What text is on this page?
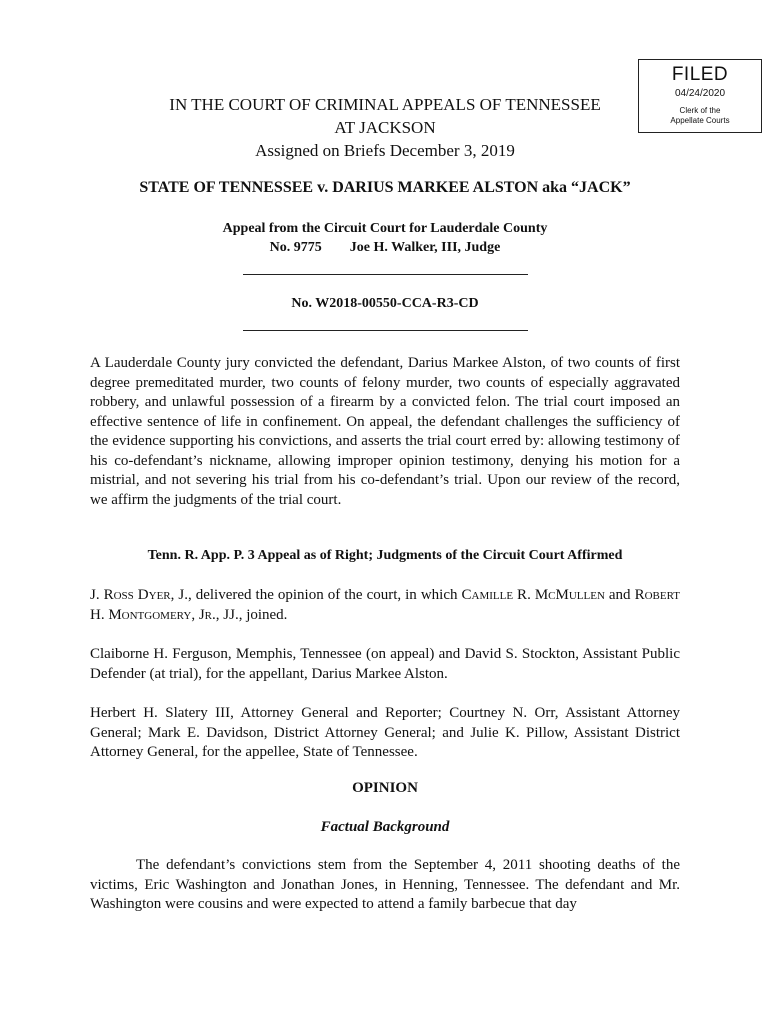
FILED
04/24/2020
Clerk of the
Appellate Courts
IN THE COURT OF CRIMINAL APPEALS OF TENNESSEE
AT JACKSON
Assigned on Briefs December 3, 2019
STATE OF TENNESSEE v. DARIUS MARKEE ALSTON aka “JACK”
Appeal from the Circuit Court for Lauderdale County
No. 9775        Joe H. Walker, III, Judge
No. W2018-00550-CCA-R3-CD
A Lauderdale County jury convicted the defendant, Darius Markee Alston, of two counts of first degree premeditated murder, two counts of felony murder, two counts of especially aggravated robbery, and unlawful possession of a firearm by a convicted felon. The trial court imposed an effective sentence of life in confinement. On appeal, the defendant challenges the sufficiency of the evidence supporting his convictions, and asserts the trial court erred by: allowing testimony of his co-defendant’s nickname, allowing improper opinion testimony, denying his motion for a mistrial, and not severing his trial from his co-defendant’s trial. Upon our review of the record, we affirm the judgments of the trial court.
Tenn. R. App. P. 3 Appeal as of Right; Judgments of the Circuit Court Affirmed
J. Ross Dyer, J., delivered the opinion of the court, in which Camille R. McMullen and Robert H. Montgomery, Jr., JJ., joined.
Claiborne H. Ferguson, Memphis, Tennessee (on appeal) and David S. Stockton, Assistant Public Defender (at trial), for the appellant, Darius Markee Alston.
Herbert H. Slatery III, Attorney General and Reporter; Courtney N. Orr, Assistant Attorney General; Mark E. Davidson, District Attorney General; and Julie K. Pillow, Assistant District Attorney General, for the appellee, State of Tennessee.
OPINION
Factual Background
The defendant’s convictions stem from the September 4, 2011 shooting deaths of the victims, Eric Washington and Jonathan Jones, in Henning, Tennessee. The defendant and Mr. Washington were cousins and were expected to attend a family barbecue that day
